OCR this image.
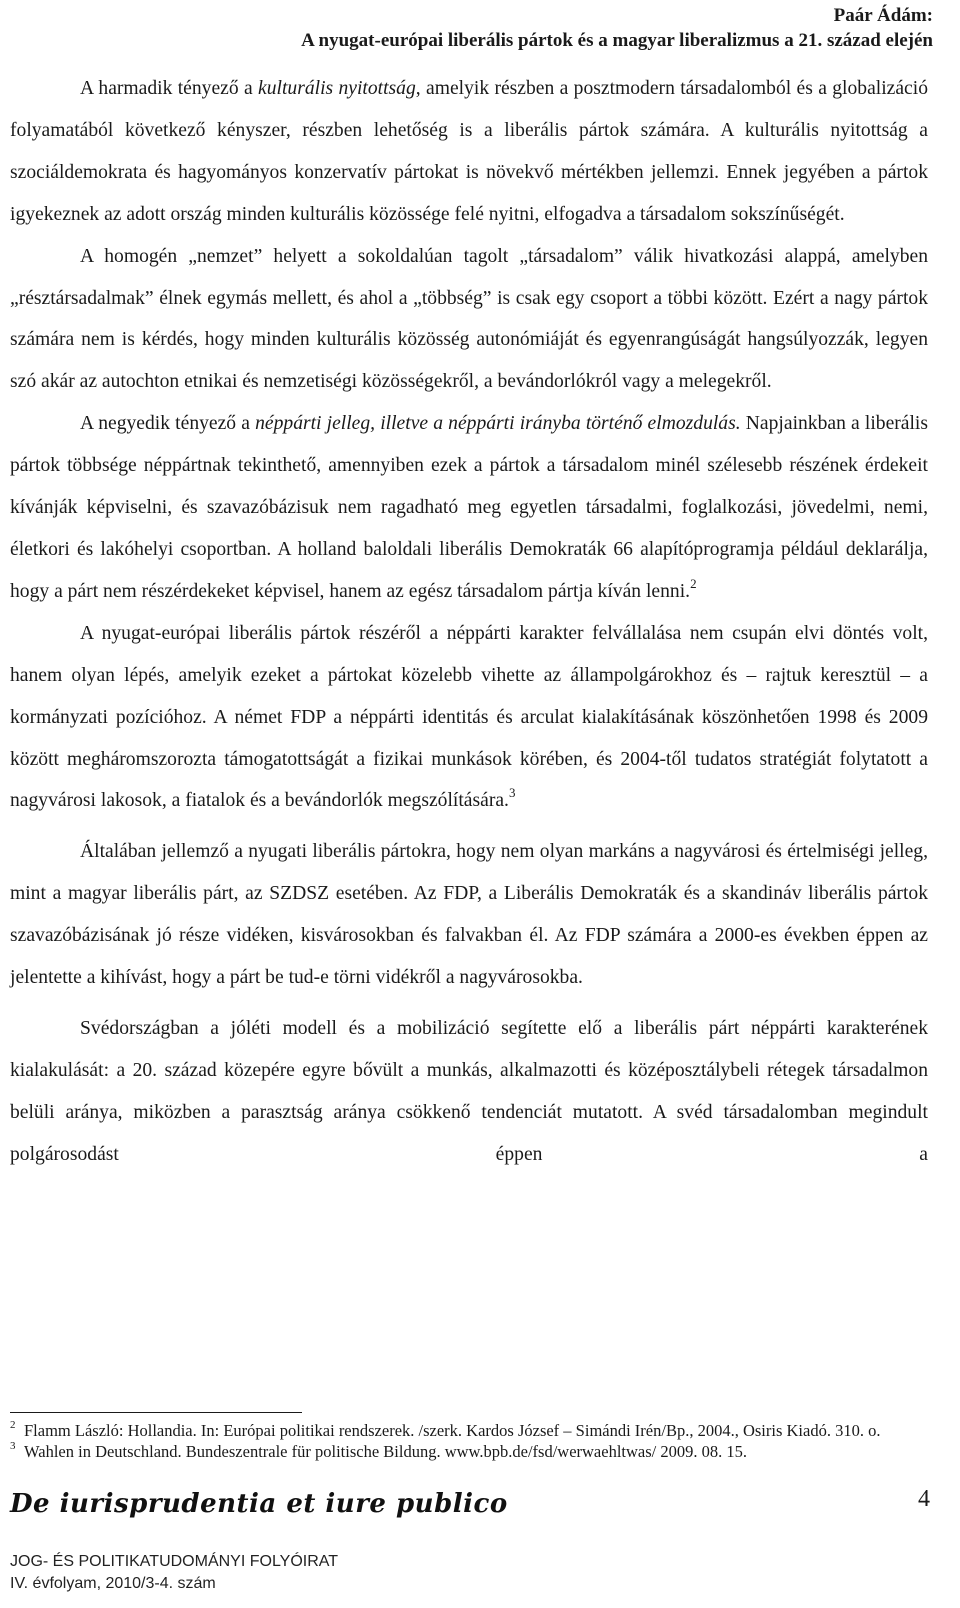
Paár Ádám:
A nyugat-európai liberális pártok és a magyar liberalizmus a 21. század elején

A harmadik tényező a kulturális nyitottság, amelyik részben a posztmodern társadalomból és a globalizáció folyamatából következő kényszer, részben lehetőség is a liberális pártok számára. A kulturális nyitottság a szociáldemokrata és hagyományos konzervatív pártokat is növekvő mértékben jellemzi. Ennek jegyében a pártok igyekeznek az adott ország minden kulturális közössége felé nyitni, elfogadva a társadalom sokszínűségét.

A homogén „nemzet” helyett a sokoldalúan tagolt „társadalom” válik hivatkozási alappá, amelyben „résztársadalmak” élnek egymás mellett, és ahol a „többség” is csak egy csoport a többi között. Ezért a nagy pártok számára nem is kérdés, hogy minden kulturális közösség autonómiáját és egyenrangúságát hangsúlyozzák, legyen szó akár az autochton etnikai és nemzetiségi közösségekről, a bevándorlókról vagy a melegekről.

A negyedik tényező a néppárti jelleg, illetve a néppárti irányba történő elmozdulás. Napjainkban a liberális pártok többsége néppártnak tekinthető, amennyiben ezek a pártok a társadalom minél szélesebb részének érdekeit kívánják képviselni, és szavazóbázisuk nem ragadható meg egyetlen társadalmi, foglalkozási, jövedelmi, nemi, életkori és lakóhelyi csoportban. A holland baloldali liberális Demokraták 66 alapítóprogramja például deklarálja, hogy a párt nem részérdekeket képvisel, hanem az egész társadalom pártja kíván lenni.$^2$

A nyugat-európai liberális pártok részéről a néppárti karakter felvállalása nem csupán elvi döntés volt, hanem olyan lépés, amelyik ezeket a pártokat közelebb vihette az állampolgárokhoz és – rajtuk keresztül – a kormányzati pozícióhoz. A német FDP a néppárti identitás és arculat kialakításának köszönhetően 1998 és 2009 között megháromszorozta támogatottságát a fizikai munkások körében, és 2004-től tudatos stratégiát folytatott a nagyvárosi lakosok, a fiatalok és a bevándorlók megszólítására.$^3$

Általában jellemző a nyugati liberális pártokra, hogy nem olyan markáns a nagyvárosi és értelmiségi jelleg, mint a magyar liberális párt, az SZDSZ esetében. Az FDP, a Liberális Demokraták és a skandináv liberális pártok szavazóbázisának jó része vidéken, kisvárosokban és falvakban él. Az FDP számára a 2000-es években éppen az jelentette a kihívást, hogy a párt be tud-e törni vidékről a nagyvárosokba.

Svédországban a jóléti modell és a mobilizáció segítette elő a liberális párt néppárti karakterének kialakulását: a 20. század közepére egyre bővült a munkás, alkalmazotti és középosztálybeli rétegek társadalmon belüli aránya, miközben a parasztság aránya csökkenő tendenciát mutatott. A svéd társadalomban megindult polgárosodást éppen a

2 Flamm László: Hollandia. In: Európai politikai rendszerek. /szerk. Kardos József – Simándi Irén/Bp., 2004., Osiris Kiadó. 310. o.

3 Wahlen in Deutschland. Bundeszentrale für politische Bildung. www.bpb.de/fsd/werwaehltwas/ 2009. 08. 15.

De iurisprudentia et iure publico
JOG- ÉS POLITIKATUDOMÁNYI FOLYÓIRAT
IV. évfolyam, 2010/3-4. szám
4
